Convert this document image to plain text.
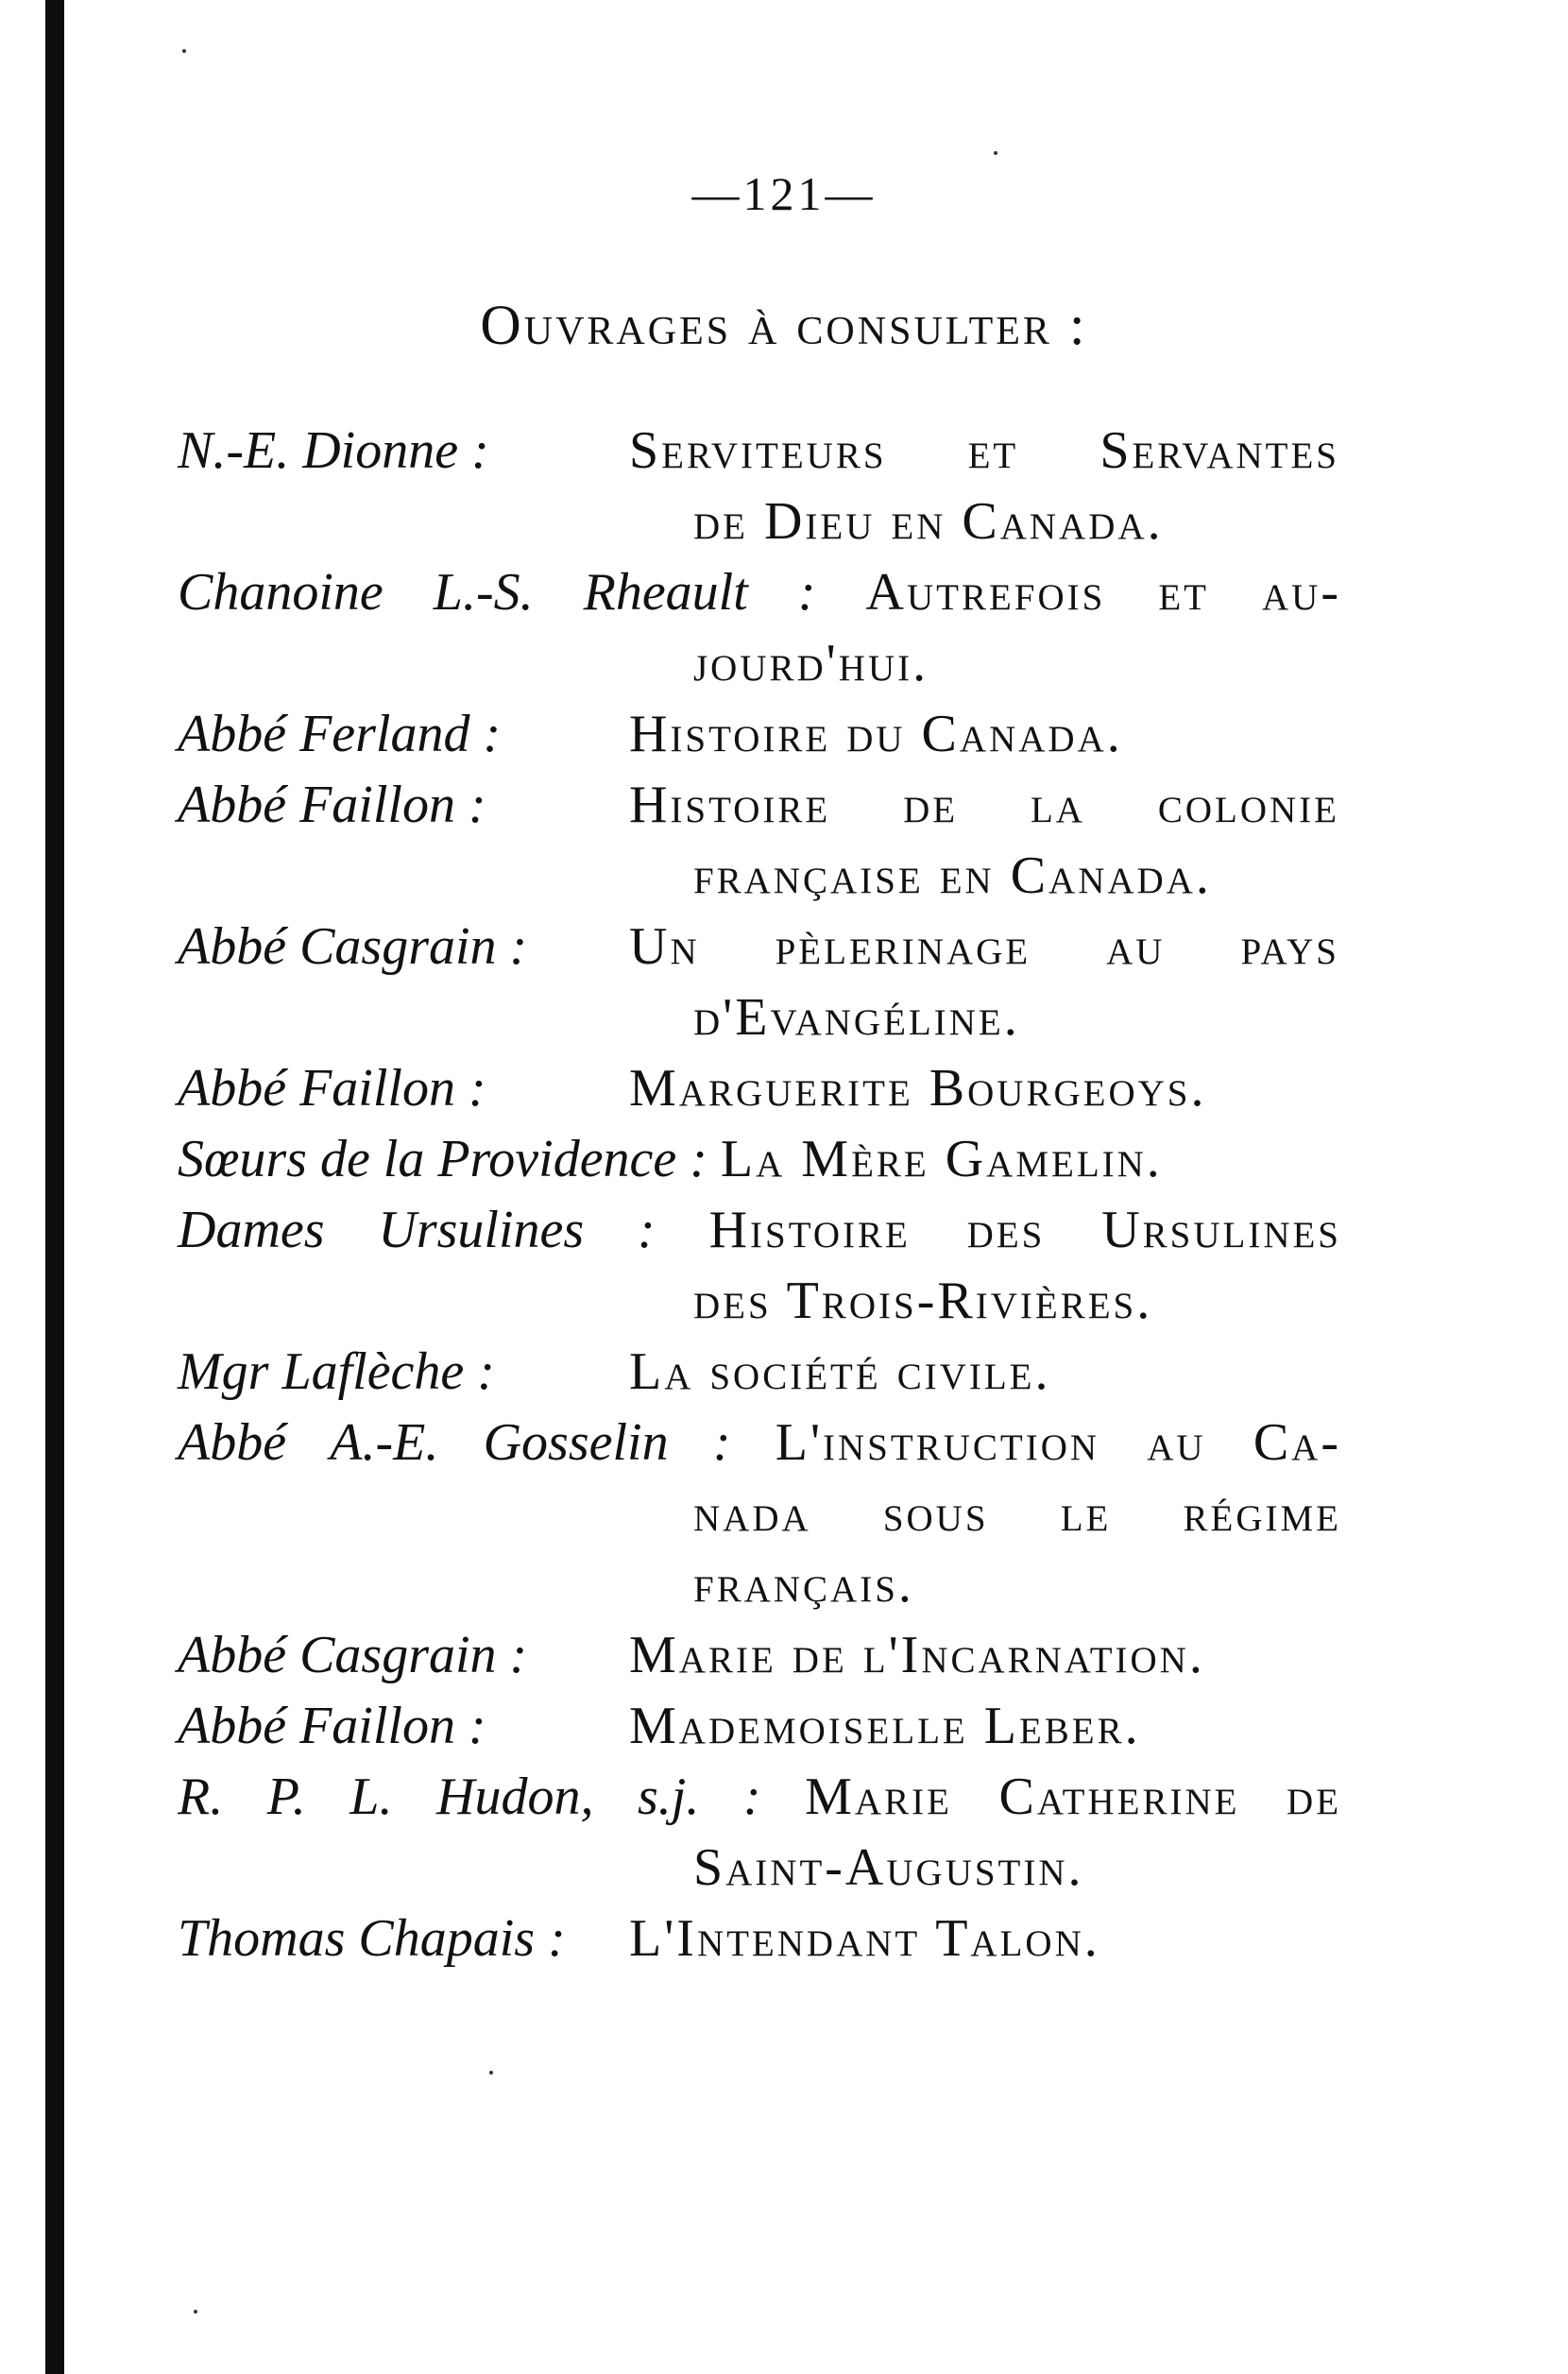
—121—
Ouvrages à consulter :
N.-E. Dionne :	Serviteurs et Servantes
de Dieu en Canada.
Chanoine L.-S. Rheault : Autrefois et au-
jourd'hui.
Abbé Ferland : Histoire du Canada.
Abbé Faillon :	Histoire de la colonie
française en Canada.
Abbé Casgrain : Un pèlerinage au pays
d'Evangéline.
Abbé Faillon :	Marguerite Bourgeoys.
Sœurs de la Providence : La Mère Gamelin.
Dames Ursulines : Histoire des Ursulines
des Trois-Rivières.
Mgr Laflèche :	La société civile.
Abbé A.-E. Gosselin : L'instruction au Ca-
nada sous le régime
français.
Abbé Casgrain : Marie de l'Incarnation.
Abbé Faillon :	Mademoiselle Leber.
R. P. L. Hudon, s.j. : Marie Catherine de
Saint-Augustin.
Thomas Chapais : L'Intendant Talon.
